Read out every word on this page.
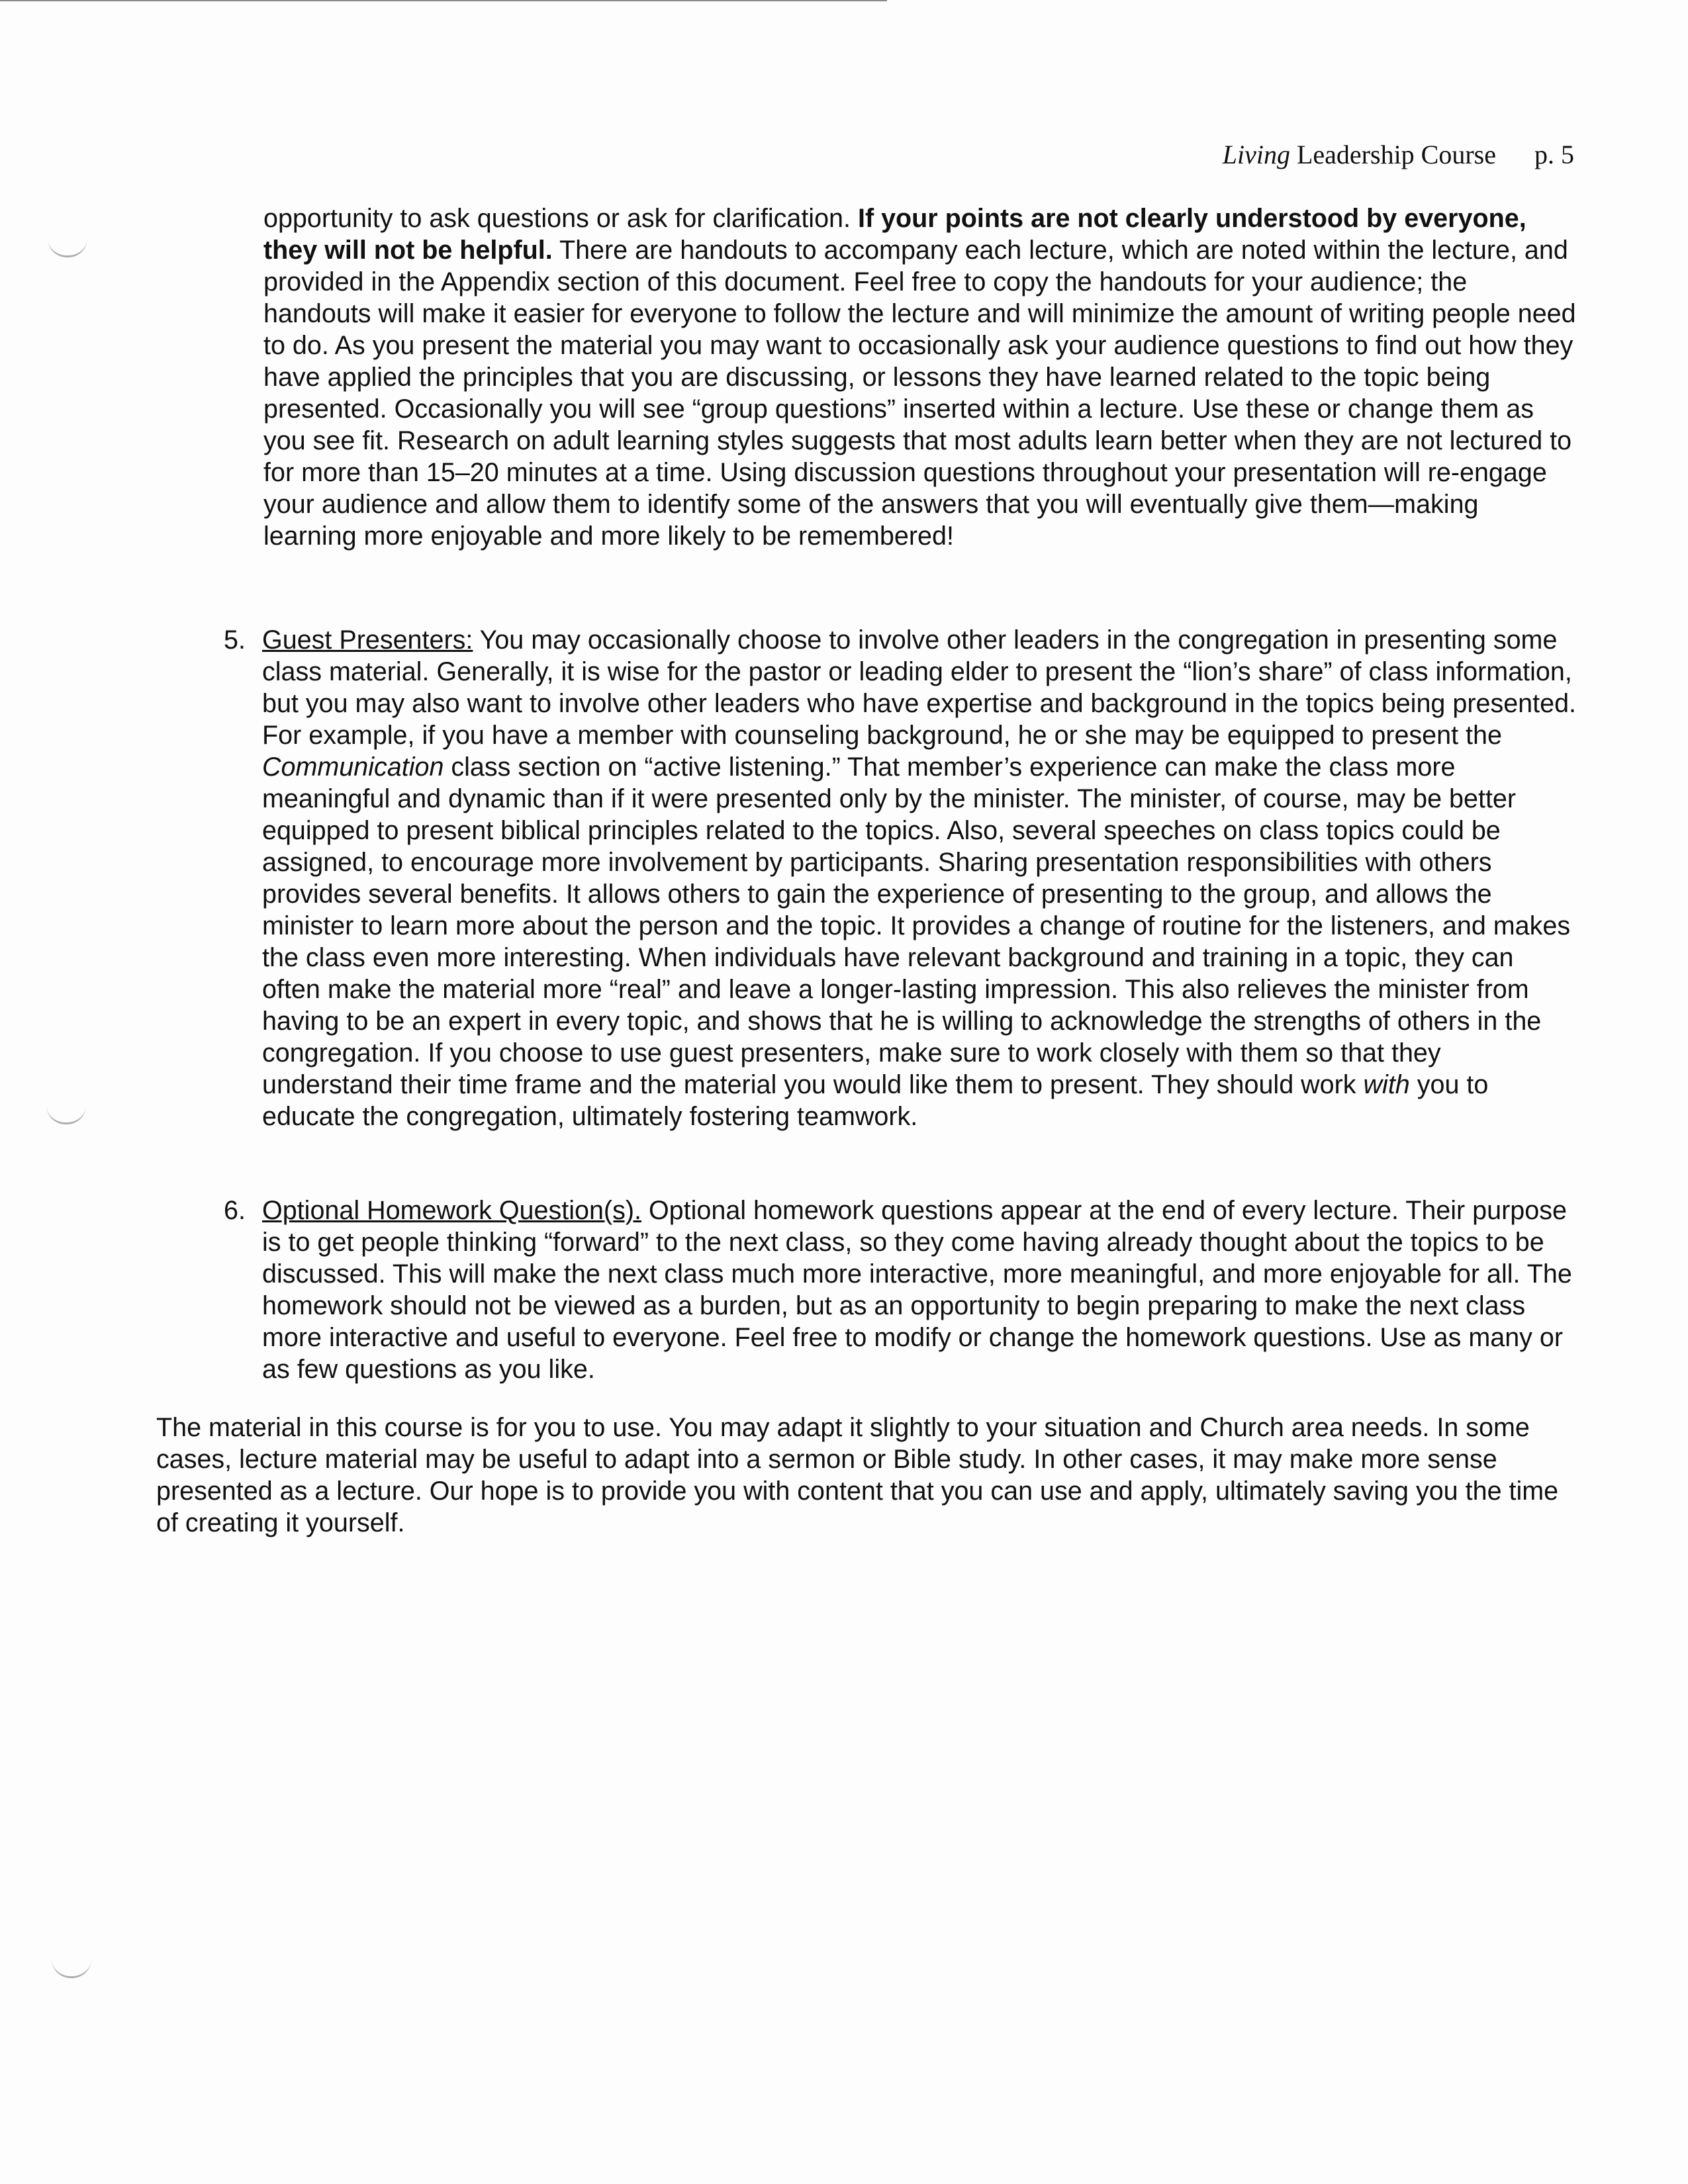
Living Leadership Course p. 5

opportunity to ask questions or ask for clarification. If your points are not clearly understood by everyone, they will not be helpful. There are handouts to accompany each lecture, which are noted within the lecture, and provided in the Appendix section of this document. Feel free to copy the handouts for your audience; the handouts will make it easier for everyone to follow the lecture and will minimize the amount of writing people need to do. As you present the material you may want to occasionally ask your audience questions to find out how they have applied the principles that you are discussing, or lessons they have learned related to the topic being presented. Occasionally you will see “group questions” inserted within a lecture. Use these or change them as you see fit. Research on adult learning styles suggests that most adults learn better when they are not lectured to for more than 15–20 minutes at a time. Using discussion questions throughout your presentation will re-engage your audience and allow them to identify some of the answers that you will eventually give them—making learning more enjoyable and more likely to be remembered!

5. Guest Presenters: You may occasionally choose to involve other leaders in the congregation in presenting some class material. Generally, it is wise for the pastor or leading elder to present the “lion’s share” of class information, but you may also want to involve other leaders who have expertise and background in the topics being presented. For example, if you have a member with counseling background, he or she may be equipped to present the Communication class section on “active listening.” That member’s experience can make the class more meaningful and dynamic than if it were presented only by the minister. The minister, of course, may be better equipped to present biblical principles related to the topics. Also, several speeches on class topics could be assigned, to encourage more involvement by participants. Sharing presentation responsibilities with others provides several benefits. It allows others to gain the experience of presenting to the group, and allows the minister to learn more about the person and the topic. It provides a change of routine for the listeners, and makes the class even more interesting. When individuals have relevant background and training in a topic, they can often make the material more “real” and leave a longer-lasting impression. This also relieves the minister from having to be an expert in every topic, and shows that he is willing to acknowledge the strengths of others in the congregation. If you choose to use guest presenters, make sure to work closely with them so that they understand their time frame and the material you would like them to present. They should work with you to educate the congregation, ultimately fostering teamwork.
6. Optional Homework Question(s). Optional homework questions appear at the end of every lecture. Their purpose is to get people thinking “forward” to the next class, so they come having already thought about the topics to be discussed. This will make the next class much more interactive, more meaningful, and more enjoyable for all. The homework should not be viewed as a burden, but as an opportunity to begin preparing to make the next class more interactive and useful to everyone. Feel free to modify or change the homework questions. Use as many or as few questions as you like.

The material in this course is for you to use. You may adapt it slightly to your situation and Church area needs. In some cases, lecture material may be useful to adapt into a sermon or Bible study. In other cases, it may make more sense presented as a lecture. Our hope is to provide you with content that you can use and apply, ultimately saving you the time of creating it yourself.
